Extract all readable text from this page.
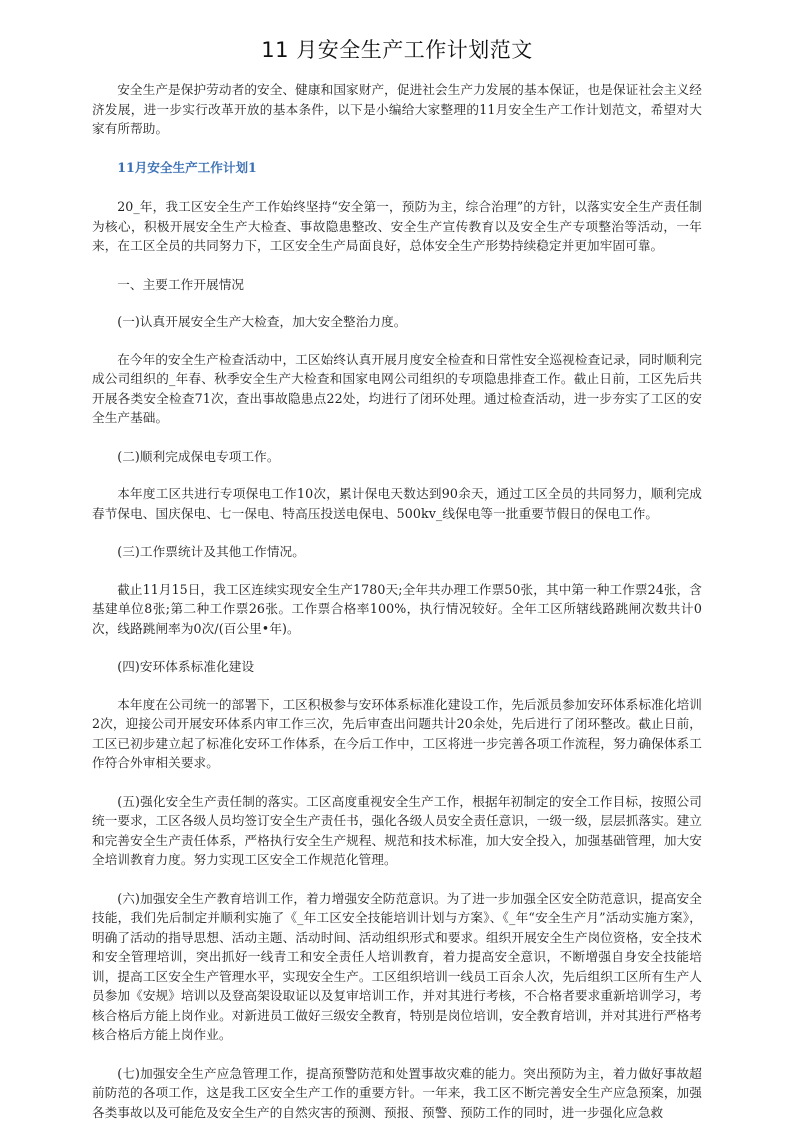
11 月安全生产工作计划范文

安全生产是保护劳动者的安全、健康和国家财产，促进社会生产力发展的基本保证，也是保证社会主义经济发展，进一步实行改革开放的基本条件，以下是小编给大家整理的11月安全生产工作计划范文，希望对大家有所帮助。

11月安全生产工作计划1

20_年，我工区安全生产工作始终坚持“安全第一，预防为主，综合治理”的方针，以落实安全生产责任制为核心，积极开展安全生产大检查、事故隐患整改、安全生产宣传教育以及安全生产专项整治等活动，一年来，在工区全员的共同努力下，工区安全生产局面良好，总体安全生产形势持续稳定并更加牢固可靠。

一、主要工作开展情况

(一)认真开展安全生产大检查，加大安全整治力度。

在今年的安全生产检查活动中，工区始终认真开展月度安全检查和日常性安全巡视检查记录，同时顺利完成公司组织的_年春、秋季安全生产大检查和国家电网公司组织的专项隐患排查工作。截止日前，工区先后共开展各类安全检查71次，查出事故隐患点22处，均进行了闭环处理。通过检查活动，进一步夯实了工区的安全生产基础。

(二)顺利完成保电专项工作。

本年度工区共进行专项保电工作10次，累计保电天数达到90余天，通过工区全员的共同努力，顺利完成春节保电、国庆保电、七一保电、特高压投送电保电、500kv_线保电等一批重要节假日的保电工作。

(三)工作票统计及其他工作情况。

截止11月15日，我工区连续实现安全生产1780天;全年共办理工作票50张，其中第一种工作票24张，含基建单位8张;第二种工作票26张。工作票合格率100%，执行情况较好。全年工区所辖线路跳闸次数共计0次，线路跳闸率为0次/(百公里•年)。

(四)安环体系标准化建设

本年度在公司统一的部署下，工区积极参与安环体系标准化建设工作，先后派员参加安环体系标准化培训2次，迎接公司开展安环体系内审工作三次，先后审查出问题共计20余处，先后进行了闭环整改。截止日前，工区已初步建立起了标准化安环工作体系，在今后工作中，工区将进一步完善各项工作流程，努力确保体系工作符合外审相关要求。

(五)强化安全生产责任制的落实。工区高度重视安全生产工作，根据年初制定的安全工作目标，按照公司统一要求，工区各级人员均签订安全生产责任书，强化各级人员安全责任意识，一级一级，层层抓落实。建立和完善安全生产责任体系，严格执行安全生产规程、规范和技术标准，加大安全投入，加强基础管理，加大安全培训教育力度。努力实现工区安全工作规范化管理。

(六)加强安全生产教育培训工作，着力增强安全防范意识。为了进一步加强全区安全防范意识，提高安全技能，我们先后制定并顺利实施了《_年工区安全技能培训计划与方案》、《_年“安全生产月”活动实施方案》，明确了活动的指导思想、活动主题、活动时间、活动组织形式和要求。组织开展安全生产岗位资格，安全技术和安全管理培训，突出抓好一线青工和安全责任人培训教育，着力提高安全意识，不断增强自身安全技能培训，提高工区安全生产管理水平，实现安全生产。工区组织培训一线员工百余人次，先后组织工区所有生产人员参加《安规》培训以及登高架设取证以及复审培训工作，并对其进行考核，不合格者要求重新培训学习，考核合格后方能上岗作业。对新进员工做好三级安全教育，特别是岗位培训，安全教育培训，并对其进行严格考核合格后方能上岗作业。

(七)加强安全生产应急管理工作，提高预警防范和处置事故灾难的能力。突出预防为主，着力做好事故超前防范的各项工作，这是我工区安全生产工作的重要方针。一年来，我工区不断完善安全生产应急预案，加强各类事故以及可能危及安全生产的自然灾害的预测、预报、预警、预防工作的同时，进一步强化应急救
